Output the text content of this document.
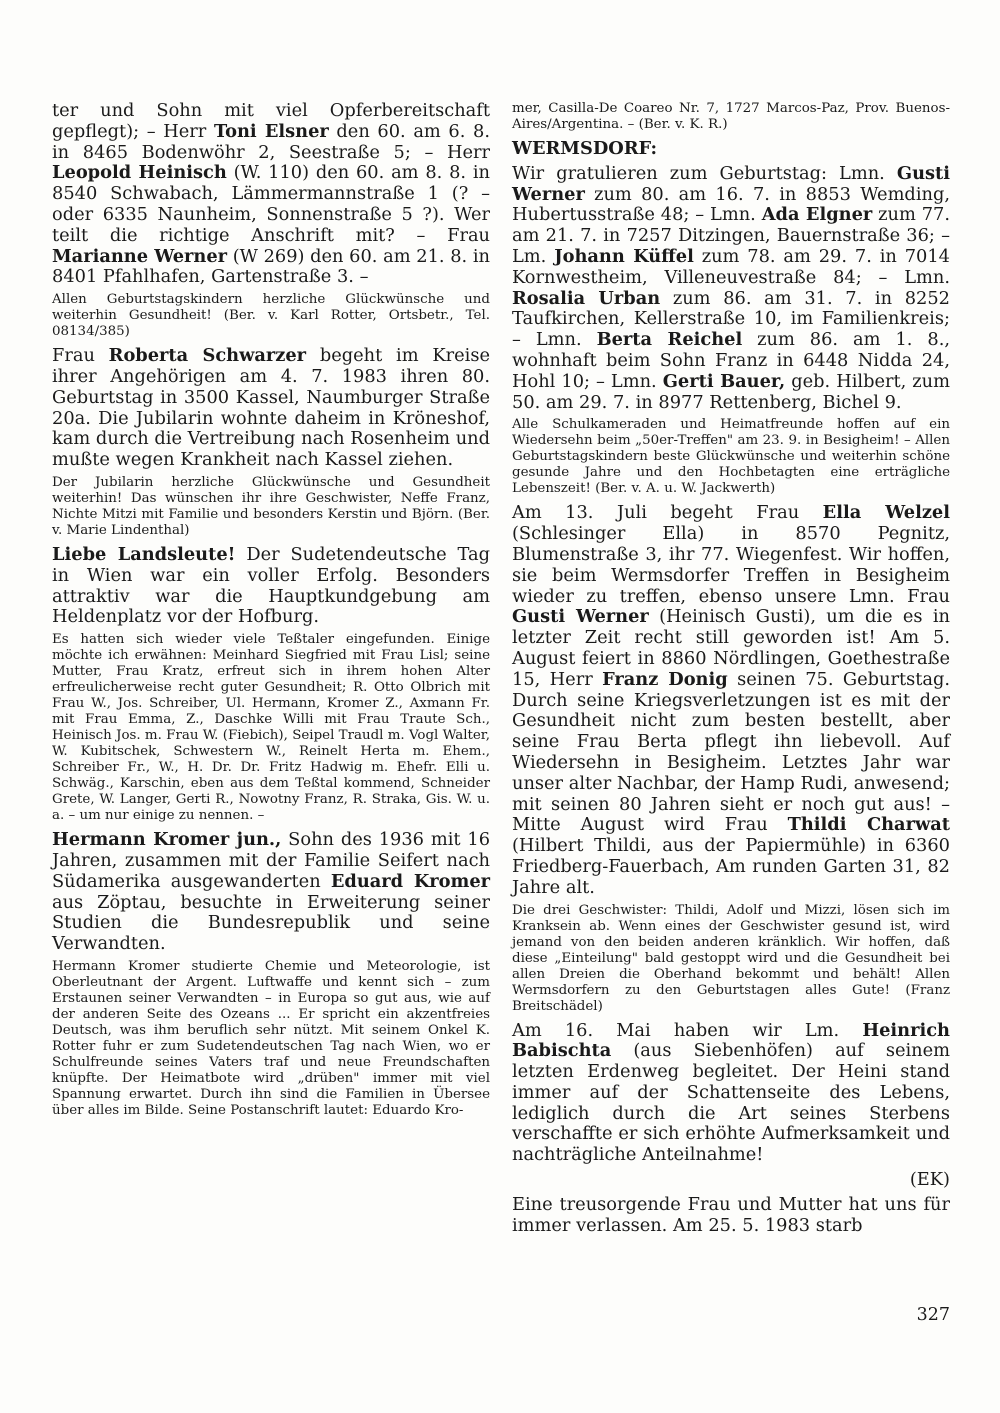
ter und Sohn mit viel Opferbereitschaft gepflegt); – Herr Toni Elsner den 60. am 6. 8. in 8465 Bodenwöhr 2, Seestraße 5; – Herr Leopold Heinisch (W. 110) den 60. am 8. 8. in 8540 Schwabach, Lämmermannstraße 1 (? – oder 6335 Naunheim, Sonnenstraße 5 ?). Wer teilt die richtige Anschrift mit? – Frau Marianne Werner (W 269) den 60. am 21. 8. in 8401 Pfahlhafen, Gartenstraße 3. –

Allen Geburtstagskindern herzliche Glückwünsche und weiterhin Gesundheit! (Ber. v. Karl Rotter, Ortsbetr., Tel. 08134/385)

Frau Roberta Schwarzer begeht im Kreise ihrer Angehörigen am 4. 7. 1983 ihren 80. Geburtstag in 3500 Kassel, Naumburger Straße 20a. Die Jubilarin wohnte daheim in Kröneshof, kam durch die Vertreibung nach Rosenheim und mußte wegen Krankheit nach Kassel ziehen.

Der Jubilarin herzliche Glückwünsche und Gesundheit weiterhin! Das wünschen ihr ihre Geschwister, Neffe Franz, Nichte Mitzi mit Familie und besonders Kerstin und Björn. (Ber. v. Marie Lindenthal)

Liebe Landsleute! Der Sudetendeutsche Tag in Wien war ein voller Erfolg. Besonders attraktiv war die Hauptkundgebung am Heldenplatz vor der Hofburg.

Es hatten sich wieder viele Teßtaler eingefunden. Einige möchte ich erwähnen: Meinhard Siegfried mit Frau Lisl; seine Mutter, Frau Kratz, erfreut sich in ihrem hohen Alter erfreulicherweise recht guter Gesundheit; R. Otto Olbrich mit Frau W., Jos. Schreiber, Ul. Hermann, Kromer Z., Axmann Fr. mit Frau Emma, Z., Daschke Willi mit Frau Traute Sch., Heinisch Jos. m. Frau W. (Fiebich), Seipel Traudl m. Vogl Walter, W. Kubitschek, Schwestern W., Reinelt Herta m. Ehem., Schreiber Fr., W., H. Dr. Dr. Fritz Hadwig m. Ehefr. Elli u. Schwäg., Karschin, eben aus dem Teßtal kommend, Schneider Grete, W. Langer, Gerti R., Nowotny Franz, R. Straka, Gis. W. u. a. – um nur einige zu nennen. –

Hermann Kromer jun., Sohn des 1936 mit 16 Jahren, zusammen mit der Familie Seifert nach Südamerika ausgewanderten Eduard Kromer aus Zöptau, besuchte in Erweiterung seiner Studien die Bundesrepublik und seine Verwandten.

Hermann Kromer studierte Chemie und Meteorologie, ist Oberleutnant der Argent. Luftwaffe und kennt sich – zum Erstaunen seiner Verwandten – in Europa so gut aus, wie auf der anderen Seite des Ozeans ... Er spricht ein akzentfreies Deutsch, was ihm beruflich sehr nützt. Mit seinem Onkel K. Rotter fuhr er zum Sudetendeutschen Tag nach Wien, wo er Schulfreunde seines Vaters traf und neue Freundschaften knüpfte. Der Heimatbote wird „drüben" immer mit viel Spannung erwartet. Durch ihn sind die Familien in Übersee über alles im Bilde. Seine Postanschrift lautet: Eduardo Kro-

mer, Casilla-De Coareo Nr. 7, 1727 Marcos-Paz, Prov. Buenos-Aires/Argentina. – (Ber. v. K. R.)

WERMSDORF:

Wir gratulieren zum Geburtstag: Lmn. Gusti Werner zum 80. am 16. 7. in 8853 Wemding, Hubertusstraße 48; – Lmn. Ada Elgner zum 77. am 21. 7. in 7257 Ditzingen, Bauernstraße 36; – Lm. Johann Küffel zum 78. am 29. 7. in 7014 Kornwestheim, Villeneuvestraße 84; – Lmn. Rosalia Urban zum 86. am 31. 7. in 8252 Taufkirchen, Kellerstraße 10, im Familienkreis; – Lmn. Berta Reichel zum 86. am 1. 8., wohnhaft beim Sohn Franz in 6448 Nidda 24, Hohl 10; – Lmn. Gerti Bauer, geb. Hilbert, zum 50. am 29. 7. in 8977 Rettenberg, Bichel 9.

Alle Schulkameraden und Heimatfreunde hoffen auf ein Wiedersehn beim „50er-Treffen" am 23. 9. in Besigheim! – Allen Geburtstagskindern beste Glückwünsche und weiterhin schöne gesunde Jahre und den Hochbetagten eine erträgliche Lebenszeit! (Ber. v. A. u. W. Jackwerth)

Am 13. Juli begeht Frau Ella Welzel (Schlesinger Ella) in 8570 Pegnitz, Blumenstraße 3, ihr 77. Wiegenfest. Wir hoffen, sie beim Wermsdorfer Treffen in Besigheim wieder zu treffen, ebenso unsere Lmn. Frau Gusti Werner (Heinisch Gusti), um die es in letzter Zeit recht still geworden ist! Am 5. August feiert in 8860 Nördlingen, Goethestraße 15, Herr Franz Donig seinen 75. Geburtstag. Durch seine Kriegsverletzungen ist es mit der Gesundheit nicht zum besten bestellt, aber seine Frau Berta pflegt ihn liebevoll. Auf Wiedersehn in Besigheim. Letztes Jahr war unser alter Nachbar, der Hamp Rudi, anwesend; mit seinen 80 Jahren sieht er noch gut aus! – Mitte August wird Frau Thildi Charwat (Hilbert Thildi, aus der Papiermühle) in 6360 Friedberg-Fauerbach, Am runden Garten 31, 82 Jahre alt.

Die drei Geschwister: Thildi, Adolf und Mizzi, lösen sich im Kranksein ab. Wenn eines der Geschwister gesund ist, wird jemand von den beiden anderen kränklich. Wir hoffen, daß diese „Einteilung" bald gestoppt wird und die Gesundheit bei allen Dreien die Oberhand bekommt und behält! Allen Wermsdorfern zu den Geburtstagen alles Gute! (Franz Breitschädel)

Am 16. Mai haben wir Lm. Heinrich Babischta (aus Siebenhöfen) auf seinem letzten Erdenweg begleitet. Der Heini stand immer auf der Schattenseite des Lebens, lediglich durch die Art seines Sterbens verschaffte er sich erhöhte Aufmerksamkeit und nachträgliche Anteilnahme!

(EK)

Eine treusorgende Frau und Mutter hat uns für immer verlassen. Am 25. 5. 1983 starb

327
